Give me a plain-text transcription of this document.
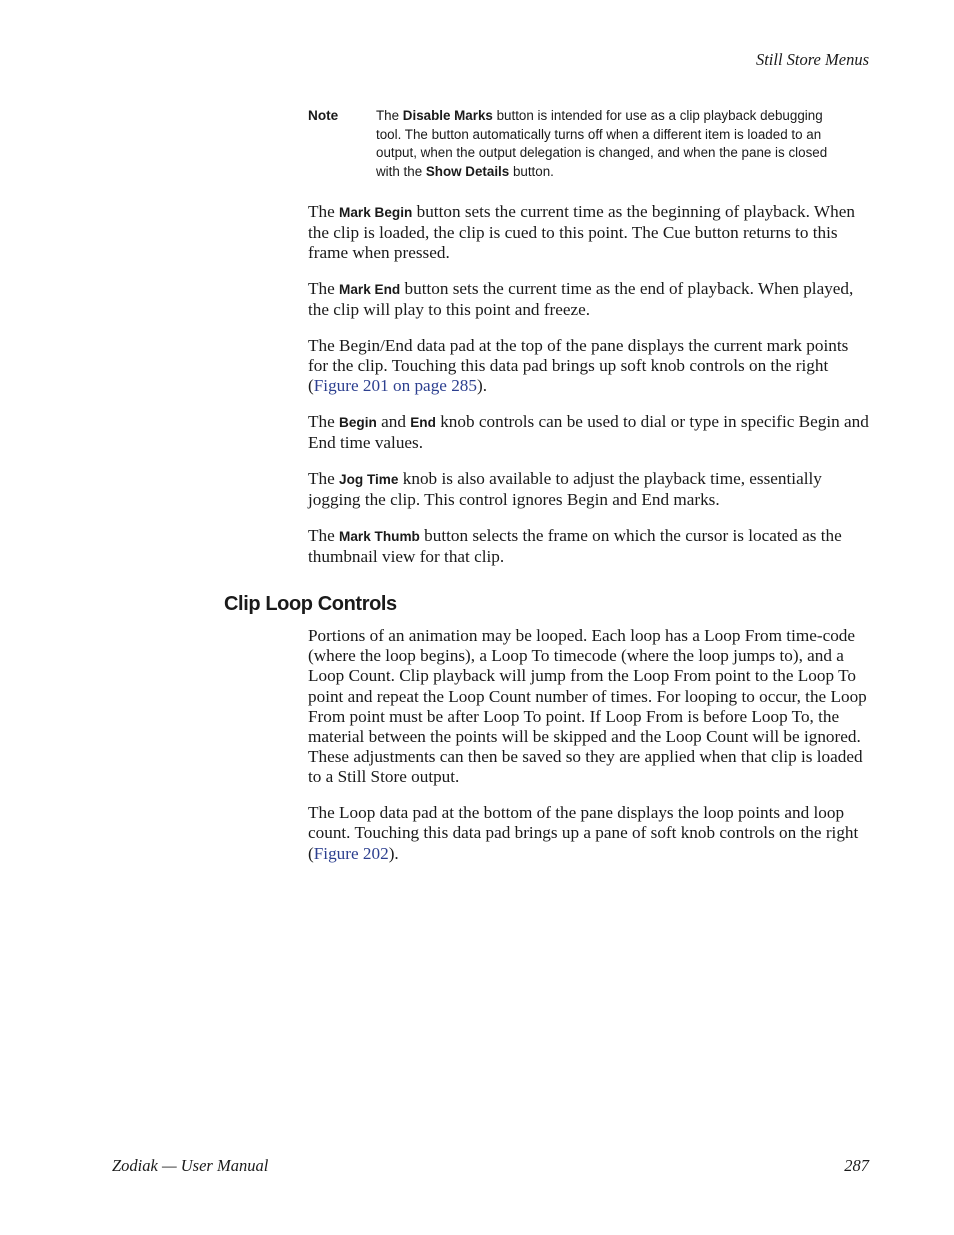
Still Store Menus
Note	The Disable Marks button is intended for use as a clip playback debugging tool. The button automatically turns off when a different item is loaded to an output, when the output delegation is changed, and when the pane is closed with the Show Details button.

The Mark Begin button sets the current time as the beginning of playback. When the clip is loaded, the clip is cued to this point. The Cue button returns to this frame when pressed.

The Mark End button sets the current time as the end of playback. When played, the clip will play to this point and freeze.

The Begin/End data pad at the top of the pane displays the current mark points for the clip. Touching this data pad brings up soft knob controls on the right (Figure 201 on page 285).

The Begin and End knob controls can be used to dial or type in specific Begin and End time values.

The Jog Time knob is also available to adjust the playback time, essentially jogging the clip. This control ignores Begin and End marks.

The Mark Thumb button selects the frame on which the cursor is located as the thumbnail view for that clip.

Clip Loop Controls

Portions of an animation may be looped. Each loop has a Loop From time-code (where the loop begins), a Loop To timecode (where the loop jumps to), and a Loop Count. Clip playback will jump from the Loop From point to the Loop To point and repeat the Loop Count number of times. For looping to occur, the Loop From point must be after Loop To point. If Loop From is before Loop To, the material between the points will be skipped and the Loop Count will be ignored. These adjustments can then be saved so they are applied when that clip is loaded to a Still Store output.

The Loop data pad at the bottom of the pane displays the loop points and loop count. Touching this data pad brings up a pane of soft knob controls on the right (Figure 202).

Zodiak — User Manual	287
